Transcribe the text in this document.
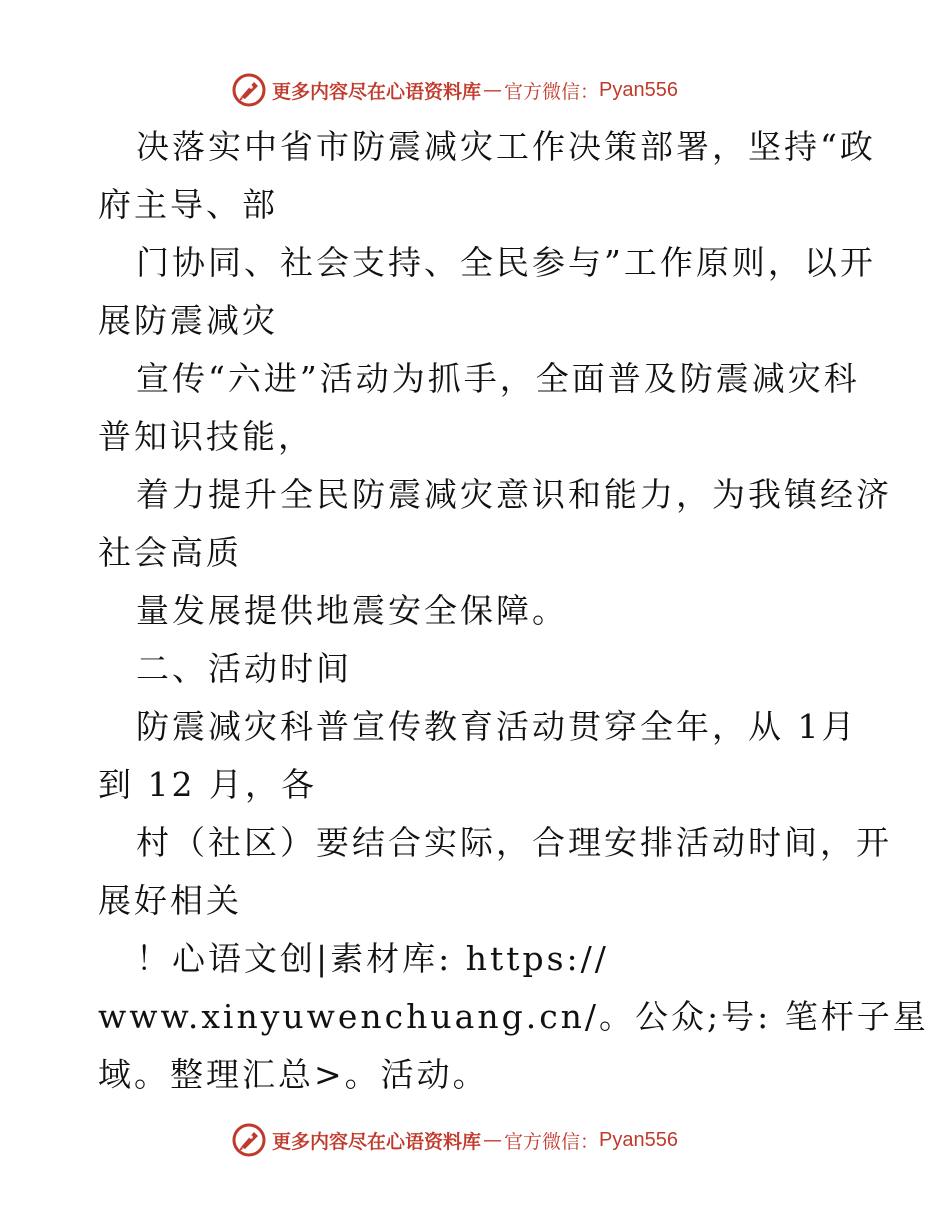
更多内容尽在心语资料库 — 官方微信： Pyan556
决落实中省市防震减灾工作决策部署，坚持“政
府主导、部
门协同、社会支持、全民参与”工作原则，以开
展防震减灾
宣传“六进”活动为抓手，全面普及防震减灾科
普知识技能，
着力提升全民防震减灾意识和能力，为我镇经济
社会高质
量发展提供地震安全保障。
二、活动时间
防震减灾科普宣传教育活动贯穿全年，从 1月
到 12 月，各
村（社区）要结合实际，合理安排活动时间，开
展好相关
！心语文创|素材库: https://
www.xinyuwenchuang.cn/。公众;号: 笔杆子星
域。整理汇总>。活动。
更多内容尽在心语资料库 — 官方微信： Pyan556
